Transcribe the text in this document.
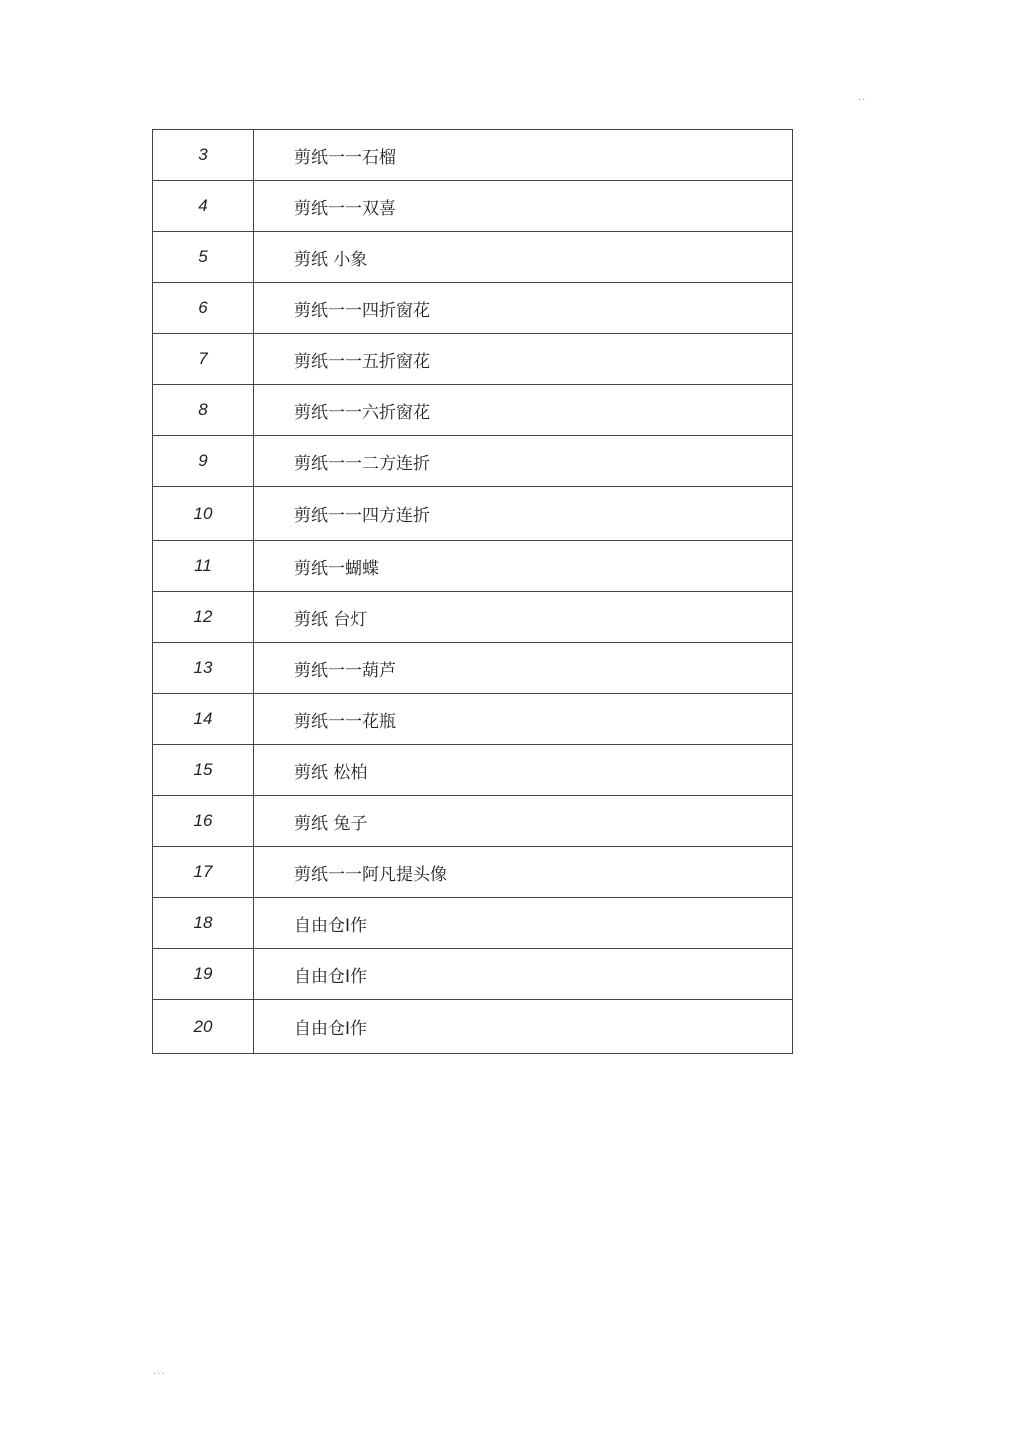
..
3	剪纸一一石榴
4	剪纸一一双喜
5	剪纸 小象
6	剪纸一一四折窗花
7	剪纸一一五折窗花
8	剪纸一一六折窗花
9	剪纸一一二方连折
10	剪纸一一四方连折
11	剪纸一蝴蝶
12	剪纸 台灯
13	剪纸一一葫芦
14	剪纸一一花瓶
15	剪纸 松柏
16	剪纸 兔子
17	剪纸一一阿凡提头像
18	自由仓I作
19	自由仓I作
20	自由仓I作
...
